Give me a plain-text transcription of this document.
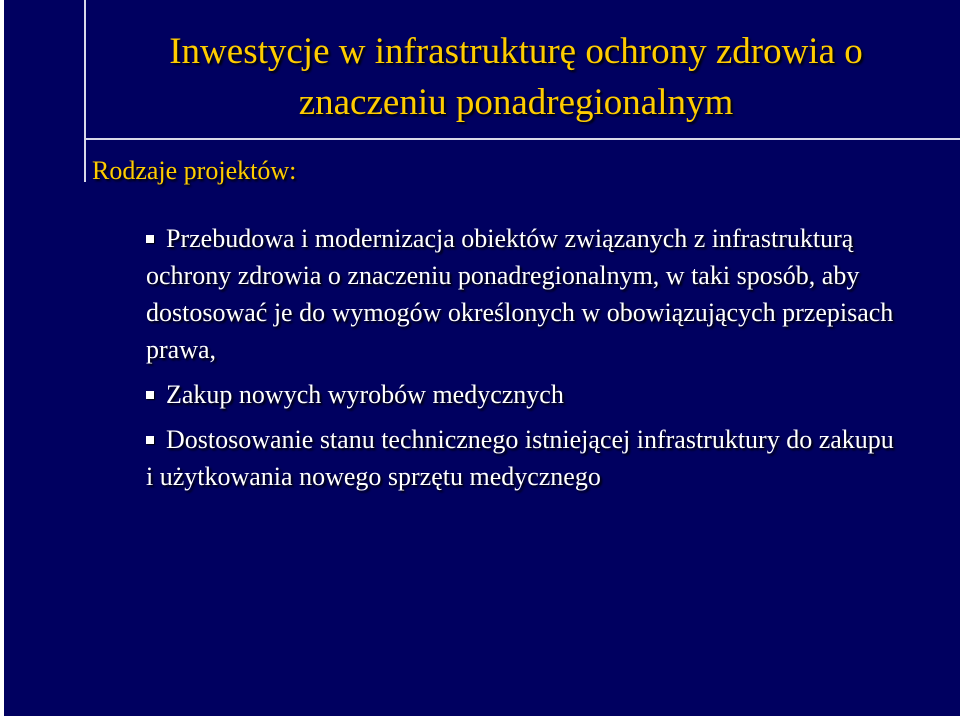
Inwestycje w infrastrukturę ochrony zdrowia o znaczeniu ponadregionalnym
Rodzaje projektów:
Przebudowa i modernizacja obiektów związanych z infrastrukturą ochrony zdrowia o znaczeniu ponadregionalnym, w taki sposób, aby dostosować je do wymogów określonych w obowiązujących przepisach prawa,
Zakup nowych wyrobów medycznych
Dostosowanie stanu technicznego istniejącej infrastruktury do zakupu i użytkowania nowego sprzętu medycznego
